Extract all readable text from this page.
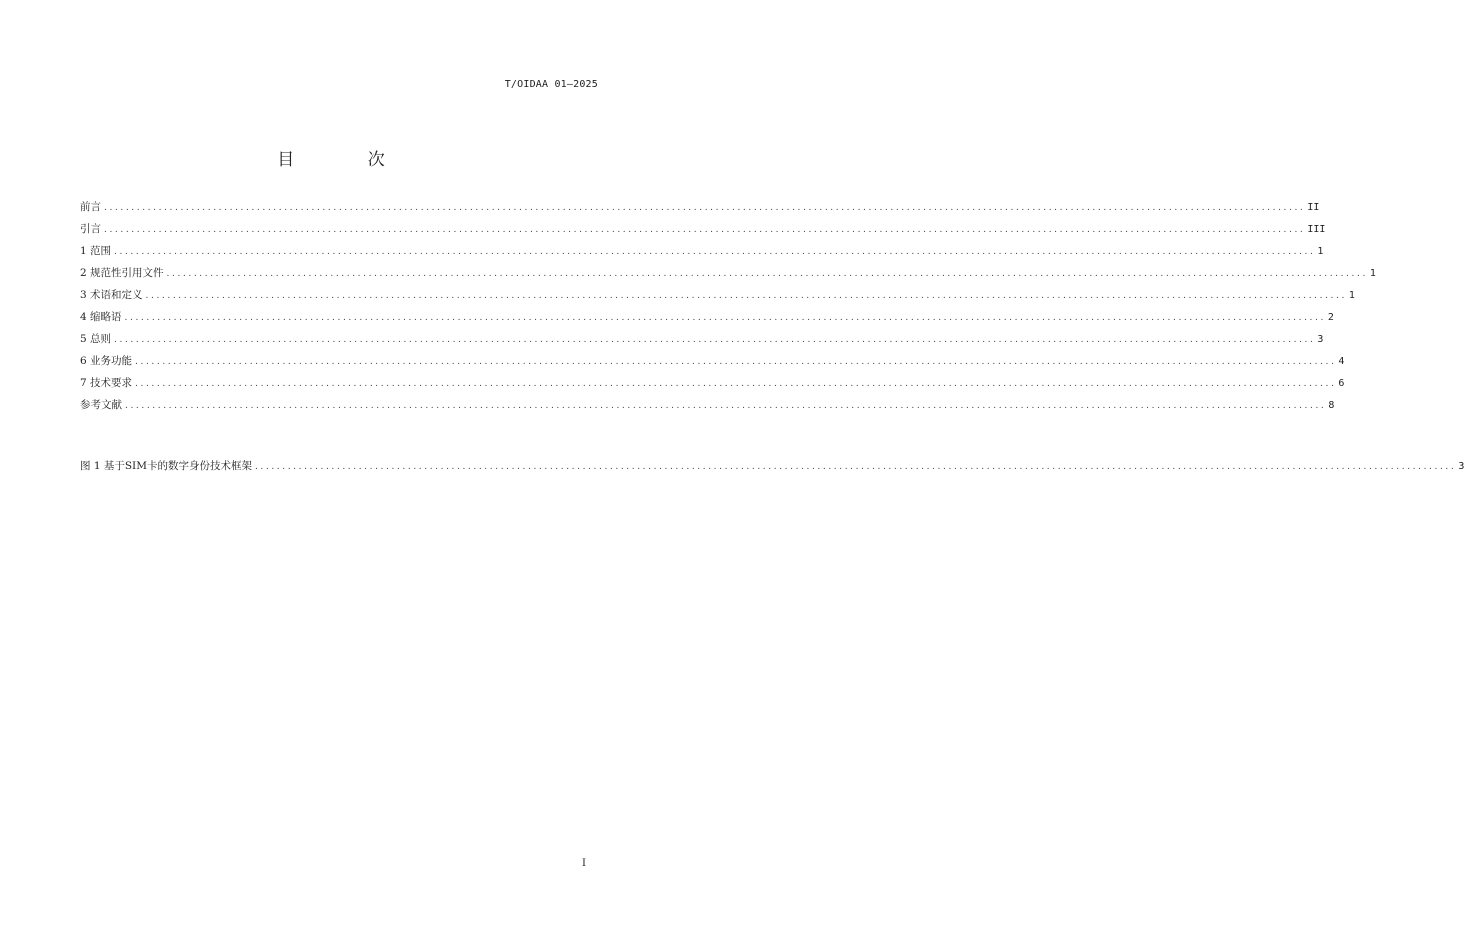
T/OIDAA 01—2025
目 次
前言 ............................................................................................................................................................................................................................ II
引言 ............................................................................................................................................................................................................................ III
1 范围 ............................................................................................................................................................................................................................ 1
2 规范性引用文件 ............................................................................................................................................................................................................................ 1
3 术语和定义 ............................................................................................................................................................................................................................ 1
4 缩略语 ............................................................................................................................................................................................................................ 2
5 总则 ............................................................................................................................................................................................................................ 3
6 业务功能 ............................................................................................................................................................................................................................ 4
7 技术要求 ............................................................................................................................................................................................................................ 6
参考文献 ............................................................................................................................................................................................................................ 8
图 1 基于SIM卡的数字身份技术框架 ............................................................................................................................................................................................................................ 3
I
